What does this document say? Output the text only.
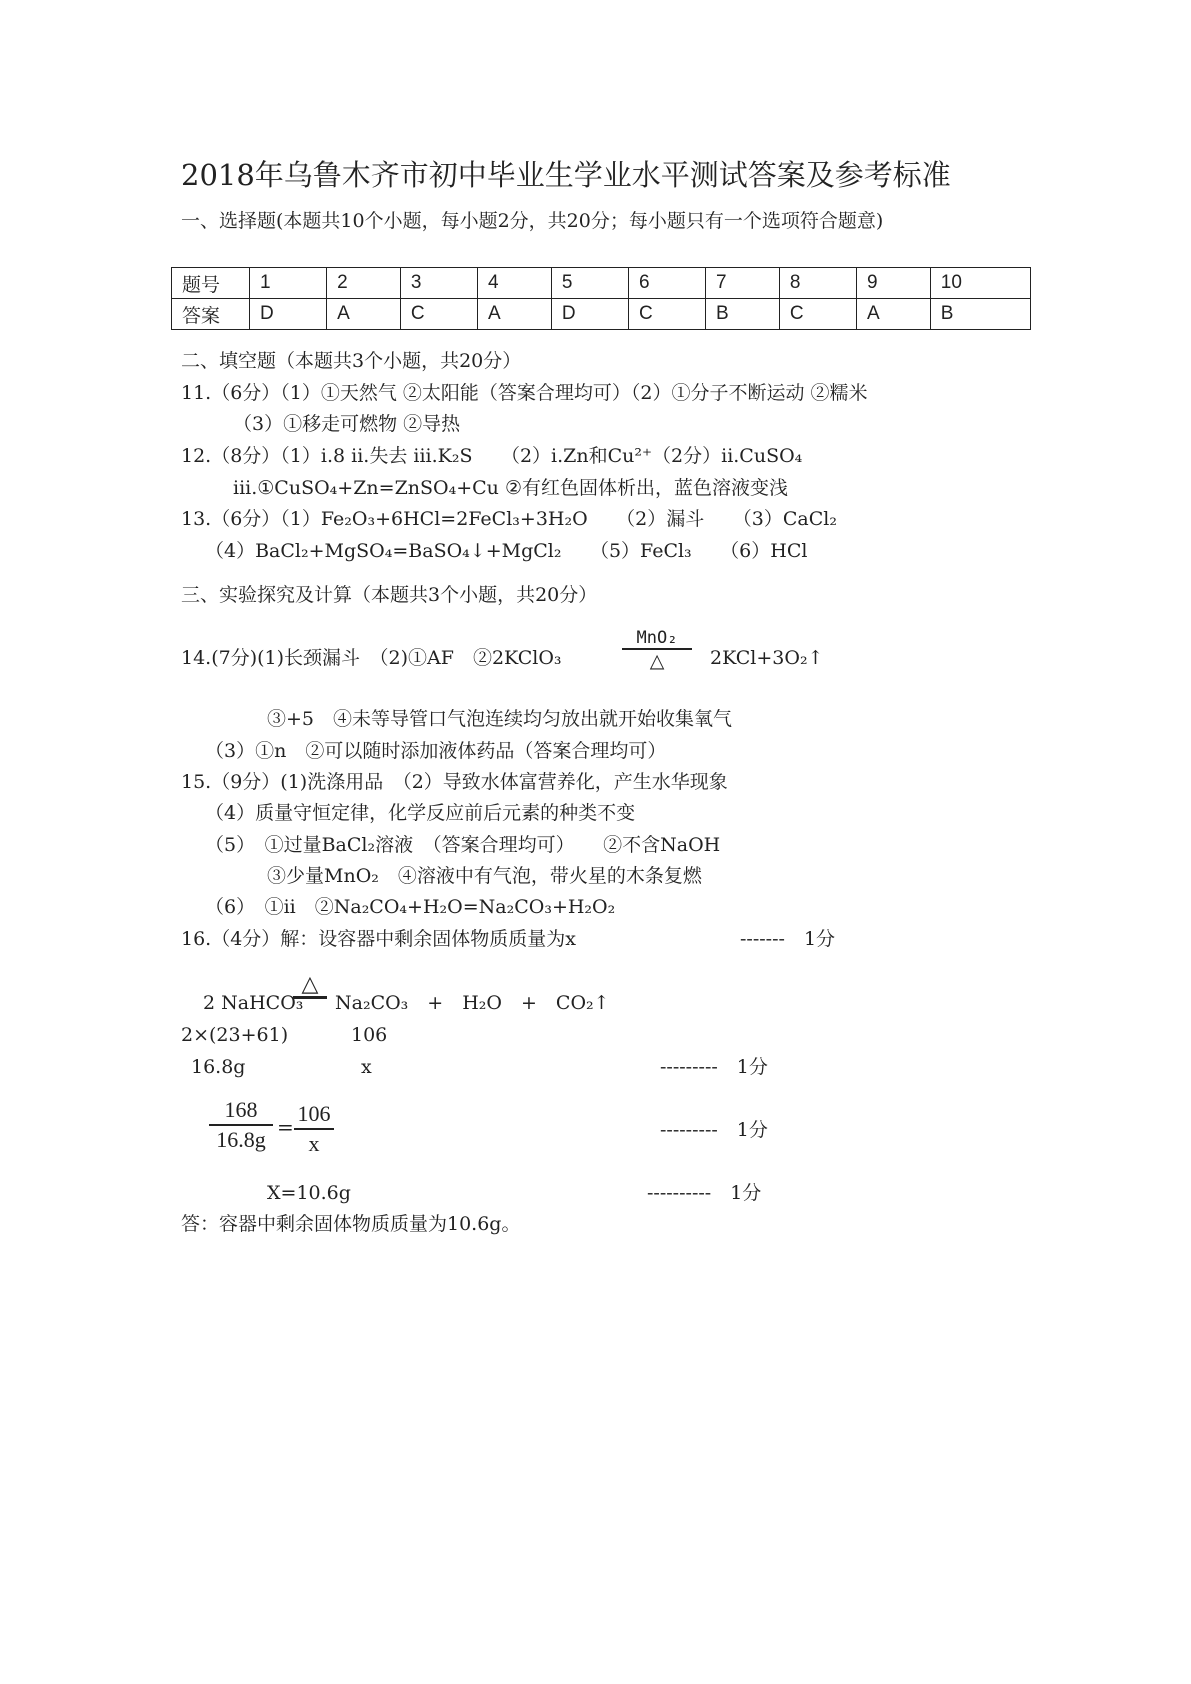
2018年乌鲁木齐市初中毕业生学业水平测试答案及参考标准
一、选择题(本题共10个小题，每小题2分，共20分；每小题只有一个选项符合题意)
题号	1	2	3	4	5	6	7	8	9	10
答案	D	A	C	A	D	C	B	C	A	B
二、填空题（本题共3个小题，共20分）
11.（6分）（1）①天然气 ②太阳能（答案合理均可）（2）①分子不断运动 ②糯米
（3）①移走可燃物 ②导热
12.（8分）（1）i.8 ii.失去 iii.K₂S　　（2）i.Zn和Cu²⁺（2分）ii.CuSO₄
iii.①CuSO₄+Zn=ZnSO₄+Cu ②有红色固体析出，蓝色溶液变浅
13.（6分）（1）Fe₂O₃+6HCl=2FeCl₃+3H₂O　　（2）漏斗　　（3）CaCl₂
（4）BaCl₂+MgSO₄=BaSO₄↓+MgCl₂　　（5）FeCl₃　　（6）HCl
三、实验探究及计算（本题共3个小题，共20分）
14.(7分)(1)长颈漏斗　（2)①AF　②2KClO₃
MnO₂
△	2KCl+3O₂↑
③+5　④未等导管口气泡连续均匀放出就开始收集氧气
（3）①n　②可以随时添加液体药品（答案合理均可）
15.（9分）(1)洗涤用品　（2）导致水体富营养化，产生水华现象
（4）质量守恒定律，化学反应前后元素的种类不变
（5）　①过量BaCl₂溶液　（答案合理均可）　　②不含NaOH
③少量MnO₂　④溶液中有气泡，带火星的木条复燃
（6）　①ii　②Na₂CO₄+H₂O=Na₂CO₃+H₂O₂
16.（4分）解：设容器中剩余固体物质质量为x	-------　1分
2 NaHCO₃
△
Na₂CO₃　+　H₂O　+　CO₂↑
2×(23+61)	106
16.8g	x	---------　1分
$\frac{168}{16.8g} = \frac{106}{x}$	---------　1分
X=10.6g	----------　1分
答：容器中剩余固体物质质量为10.6g。
